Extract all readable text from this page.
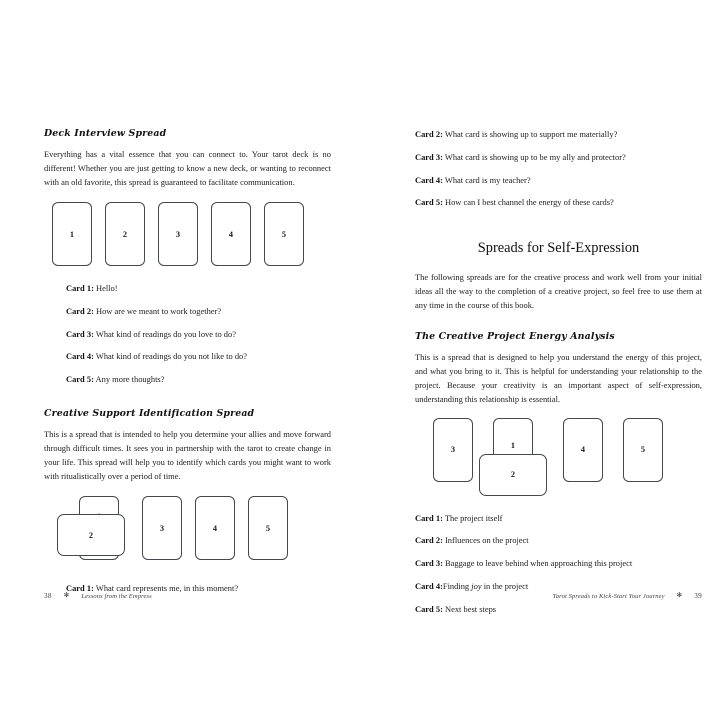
Deck Interview Spread

Everything has a vital essence that you can connect to. Your tarot deck is no different! Whether you are just getting to know a new deck, or wanting to reconnect with an old favorite, this spread is guaranteed to facilitate communication.

1	2	3	4	5
Card 1: Hello!
Card 2: How are we meant to work together?
Card 3: What kind of readings do you love to do?
Card 4: What kind of readings do you not like to do?
Card 5: Any more thoughts?
Creative Support Identification Spread

This is a spread that is intended to help you determine your allies and move forward through difficult times. It sees you in partnership with the tarot to create change in your life. This spread will help you to identify which cards you might want to work with ritualistically over a period of time.

2
3	4	5
Card 1: What card represents me, in this moment?
Card 2: What card is showing up to support me materially?
Card 3: What card is showing up to be my ally and protector?
Card 4: What card is my teacher?
Card 5: How can I best channel the energy of these cards?
Spreads for Self-Expression

The following spreads are for the creative process and work well from your initial ideas all the way to the completion of a creative project, so feel free to use them at any time in the course of this book.

The Creative Project Energy Analysis

This is a spread that is designed to help you understand the energy of this project, and what you bring to it. This is helpful for understanding your relationship to the project. Because your creativity is an important aspect of self-expression, understanding this relationship is essential.

3	1
2
4	5
Card 1: The project itself
Card 2: Influences on the project
Card 3: Baggage to leave behind when approaching this project
Card 4:Finding joy in the project
Card 5: Next best steps
38 ✻ Lessons from the Empress	Tarot Spreads to Kick-Start Your Journey ✻ 39
